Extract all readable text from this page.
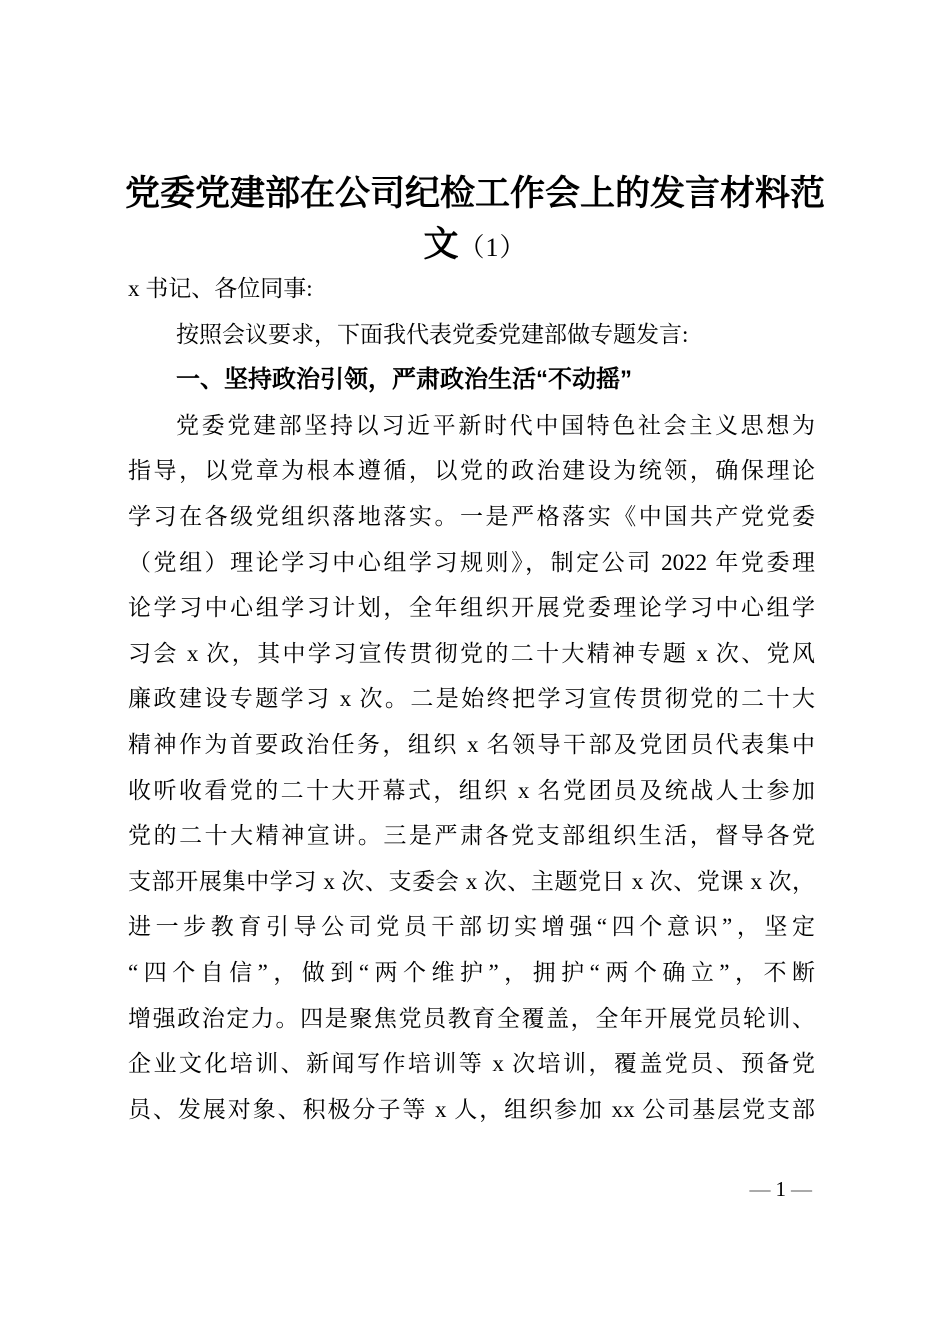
党委党建部在公司纪检工作会上的发言材料范
文（1）
x 书记、各位同事:
按照会议要求，下面我代表党委党建部做专题发言:
一、坚持政治引领，严肃政治生活“不动摇”
党委党建部坚持以习近平新时代中国特色社会主义思想为
指导，以党章为根本遵循，以党的政治建设为统领，确保理论
学习在各级党组织落地落实。一是严格落实《中国共产党党委
（党组）理论学习中心组学习规则》，制定公司 2022 年党委理
论学习中心组学习计划，全年组织开展党委理论学习中心组学
习会 x 次，其中学习宣传贯彻党的二十大精神专题 x 次、党风
廉政建设专题学习 x 次。二是始终把学习宣传贯彻党的二十大
精神作为首要政治任务，组织 x 名领导干部及党团员代表集中
收听收看党的二十大开幕式，组织 x 名党团员及统战人士参加
党的二十大精神宣讲。三是严肃各党支部组织生活，督导各党
支部开展集中学习 x 次、支委会 x 次、主题党日 x 次、党课 x 次，
进一步教育引导公司党员干部切实增强“四个意识”，坚定
“四个自信”，做到“两个维护”，拥护“两个确立”，不断
增强政治定力。四是聚焦党员教育全覆盖，全年开展党员轮训、
企业文化培训、新闻写作培训等 x 次培训，覆盖党员、预备党
员、发展对象、积极分子等 x 人，组织参加 xx 公司基层党支部
— 1 —
